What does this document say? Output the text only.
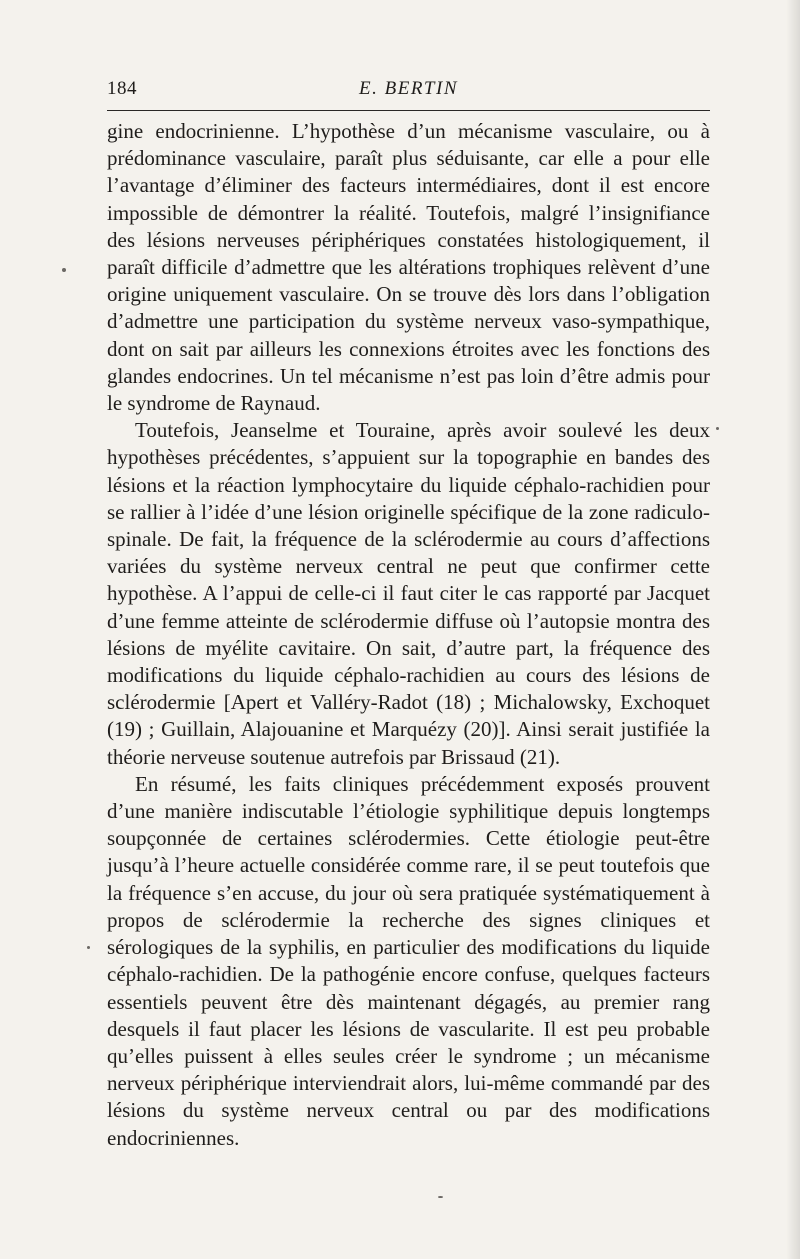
184	E. BERTIN

gine endocrinienne. L’hypothèse d’un mécanisme vasculaire, ou à prédominance vasculaire, paraît plus séduisante, car elle a pour elle l’avantage d’éliminer des facteurs intermédiaires, dont il est encore impossible de démontrer la réalité. Toutefois, malgré l’insignifiance des lésions nerveuses périphériques constatées histologiquement, il paraît difficile d’admettre que les altérations trophiques relèvent d’une origine uniquement vasculaire. On se trouve dès lors dans l’obligation d’admettre une participation du système nerveux vaso-sympathique, dont on sait par ailleurs les connexions étroites avec les fonctions des glandes endocrines. Un tel mécanisme n’est pas loin d’être admis pour le syndrome de Raynaud.

Toutefois, Jeanselme et Touraine, après avoir soulevé les deux hypothèses précédentes, s’appuient sur la topographie en bandes des lésions et la réaction lymphocytaire du liquide céphalo-rachidien pour se rallier à l’idée d’une lésion originelle spécifique de la zone radiculo-spinale. De fait, la fréquence de la sclérodermie au cours d’affections variées du système nerveux central ne peut que confirmer cette hypothèse. A l’appui de celle-ci il faut citer le cas rapporté par Jacquet d’une femme atteinte de sclérodermie diffuse où l’autopsie montra des lésions de myélite cavitaire. On sait, d’autre part, la fréquence des modifications du liquide céphalo-rachidien au cours des lésions de sclérodermie [Apert et Valléry-Radot (18) ; Michalowsky, Exchoquet (19) ; Guillain, Alajouanine et Marquézy (20)]. Ainsi serait justifiée la théorie nerveuse soutenue autrefois par Brissaud (21).

En résumé, les faits cliniques précédemment exposés prouvent d’une manière indiscutable l’étiologie syphilitique depuis longtemps soupçonnée de certaines sclérodermies. Cette étiologie peut-être jusqu’à l’heure actuelle considérée comme rare, il se peut toutefois que la fréquence s’en accuse, du jour où sera pratiquée systématiquement à propos de sclérodermie la recherche des signes cliniques et sérologiques de la syphilis, en particulier des modifications du liquide céphalo-rachidien. De la pathogénie encore confuse, quelques facteurs essentiels peuvent être dès maintenant dégagés, au premier rang desquels il faut placer les lésions de vascularite. Il est peu probable qu’elles puissent à elles seules créer le syndrome ; un mécanisme nerveux périphérique interviendrait alors, lui-même commandé par des lésions du système nerveux central ou par des modifications endocriniennes.
